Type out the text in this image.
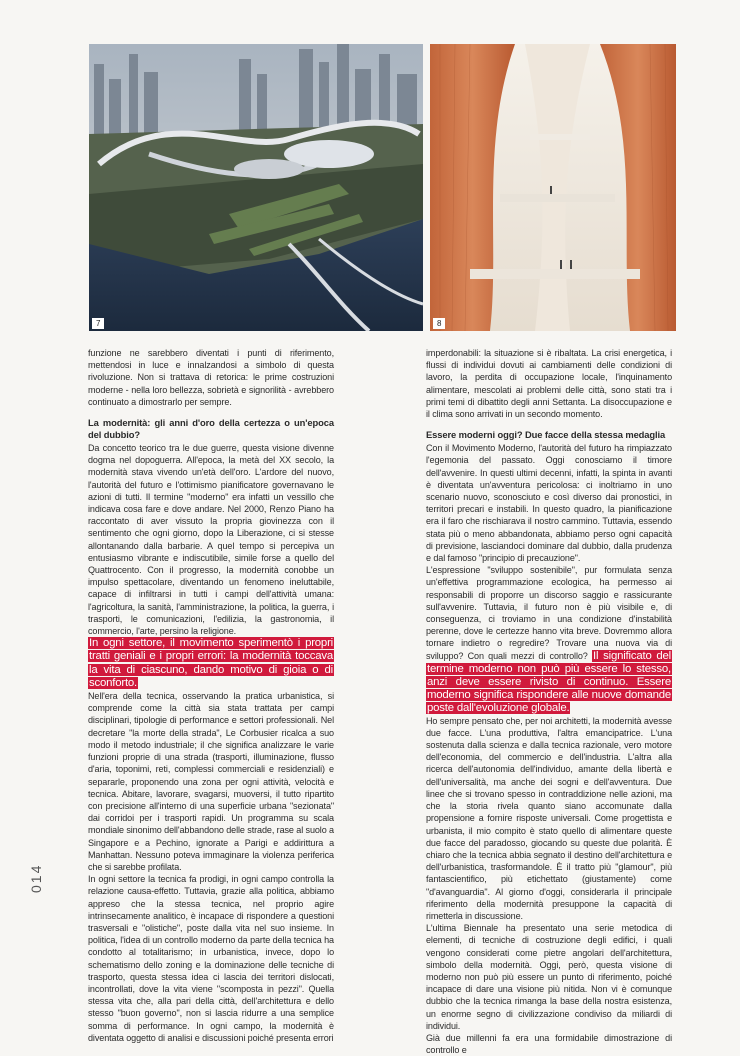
7	8

funzione ne sarebbero diventati i punti di riferimento, mettendosi in luce e innalzandosi a simbolo di questa rivoluzione. Non si trattava di retorica: le prime costruzioni moderne - nella loro bellezza, sobrietà e signorilità - avrebbero continuato a dimostrarlo per sempre.

La modernità: gli anni d'oro della certezza o un'epoca del dubbio?

Da concetto teorico tra le due guerre, questa visione divenne dogma nel dopoguerra. All'epoca, la metà del XX secolo, la modernità stava vivendo un'età dell'oro. L'ardore del nuovo, l'autorità del futuro e l'ottimismo pianificatore governavano le azioni di tutti. Il termine "moderno" era infatti un vessillo che indicava cosa fare e dove andare. Nel 2000, Renzo Piano ha raccontato di aver vissuto la propria giovinezza con il sentimento che ogni giorno, dopo la Liberazione, ci si stesse allontanando dalla barbarie. A quel tempo si percepiva un entusiasmo vibrante e indiscutibile, simile forse a quello del Quattrocento. Con il progresso, la modernità conobbe un impulso spettacolare, diventando un fenomeno ineluttabile, capace di infiltrarsi in tutti i campi dell'attività umana: l'agricoltura, la sanità, l'amministrazione, la politica, la guerra, i trasporti, le comunicazioni, l'edilizia, la gastronomia, il commercio, l'arte, persino la religione.

In ogni settore, il movimento sperimentò i propri tratti geniali e i propri errori: la modernità toccava la vita di ciascuno, dando motivo di gioia o di sconforto.

Nell'era della tecnica, osservando la pratica urbanistica, si comprende come la città sia stata trattata per campi disciplinari, tipologie di performance e settori professionali. Nel decretare "la morte della strada", Le Corbusier ricalca a suo modo il metodo industriale; il che significa analizzare le varie funzioni proprie di una strada (trasporti, illuminazione, flusso d'aria, toponimi, reti, complessi commerciali e residenziali) e separarle, proponendo una zona per ogni attività, velocità e tecnica. Abitare, lavorare, svagarsi, muoversi, il tutto ripartito con precisione all'interno di una superficie urbana "sezionata" dai corridoi per i trasporti rapidi. Un programma su scala mondiale sinonimo dell'abbandono delle strade, rase al suolo a Singapore e a Pechino, ignorate a Parigi e addirittura a Manhattan. Nessuno poteva immaginare la violenza periferica che si sarebbe profilata.

In ogni settore la tecnica fa prodigi, in ogni campo controlla la relazione causa-effetto. Tuttavia, grazie alla politica, abbiamo appreso che la stessa tecnica, nel proprio agire intrinsecamente analitico, è incapace di rispondere a questioni trasversali e "olistiche", poste dalla vita nel suo insieme. In politica, l'idea di un controllo moderno da parte della tecnica ha condotto al totalitarismo; in urbanistica, invece, dopo lo schematismo dello zoning e la dominazione delle tecniche di trasporto, questa stessa idea ci lascia dei territori dislocati, incontrollati, dove la vita viene "scomposta in pezzi". Quella stessa vita che, alla pari della città, dell'architettura e dello stesso "buon governo", non si lascia ridurre a una semplice somma di performance. In ogni campo, la modernità è diventata oggetto di analisi e discussioni poiché presenta errori

imperdonabili: la situazione si è ribaltata. La crisi energetica, i flussi di individui dovuti ai cambiamenti delle condizioni di lavoro, la perdita di occupazione locale, l'inquinamento alimentare, mescolati ai problemi delle città, sono stati tra i primi temi di dibattito degli anni Settanta. La disoccupazione e il clima sono arrivati in un secondo momento.

Essere moderni oggi? Due facce della stessa medaglia

Con il Movimento Moderno, l'autorità del futuro ha rimpiazzato l'egemonia del passato. Oggi conosciamo il timore dell'avvenire. In questi ultimi decenni, infatti, la spinta in avanti è diventata un'avventura pericolosa: ci inoltriamo in uno scenario nuovo, sconosciuto e così diverso dai pronostici, in territori precari e instabili. In questo quadro, la pianificazione era il faro che rischiarava il nostro cammino. Tuttavia, essendo stata più o meno abbandonata, abbiamo perso ogni capacità di previsione, lasciandoci dominare dal dubbio, dalla prudenza e dal famoso "principio di precauzione".

L'espressione "sviluppo sostenibile", pur formulata senza un'effettiva programmazione ecologica, ha permesso ai responsabili di proporre un discorso saggio e rassicurante sull'avvenire. Tuttavia, il futuro non è più visibile e, di conseguenza, ci troviamo in una condizione d'instabilità perenne, dove le certezze hanno vita breve. Dovremmo allora tornare indietro o regredire? Trovare una nuova via di sviluppo? Con quali mezzi di controllo? Il significato del termine moderno non può più essere lo stesso, anzi deve essere rivisto di continuo. Essere moderno significa rispondere alle nuove domande poste dall'evoluzione globale.

Ho sempre pensato che, per noi architetti, la modernità avesse due facce. L'una produttiva, l'altra emancipatrice. L'una sostenuta dalla scienza e dalla tecnica razionale, vero motore dell'economia, del commercio e dell'industria. L'altra alla ricerca dell'autonomia dell'individuo, amante della libertà e dell'universalità, ma anche dei sogni e dell'avventura. Due linee che si trovano spesso in contraddizione nelle azioni, ma che la storia rivela quanto siano accomunate dalla propensione a fornire risposte universali. Come progettista e urbanista, il mio compito è stato quello di alimentare queste due facce del paradosso, giocando su queste due polarità. È chiaro che la tecnica abbia segnato il destino dell'architettura e dell'urbanistica, trasformandole. È il tratto più "glamour", più fantascientifico, più etichettato (giustamente) come "d'avanguardia". Al giorno d'oggi, considerarla il principale riferimento della modernità presuppone la capacità di rimetterla in discussione.

L'ultima Biennale ha presentato una serie metodica di elementi, di tecniche di costruzione degli edifici, i quali vengono considerati come pietre angolari dell'architettura, simbolo della modernità. Oggi, però, questa visione di moderno non può più essere un punto di riferimento, poiché incapace di dare una visione più nitida. Non vi è comunque dubbio che la tecnica rimanga la base della nostra esistenza, un enorme segno di civilizzazione condiviso da miliardi di individui.

Già due millenni fa era una formidabile dimostrazione di controllo e

014
